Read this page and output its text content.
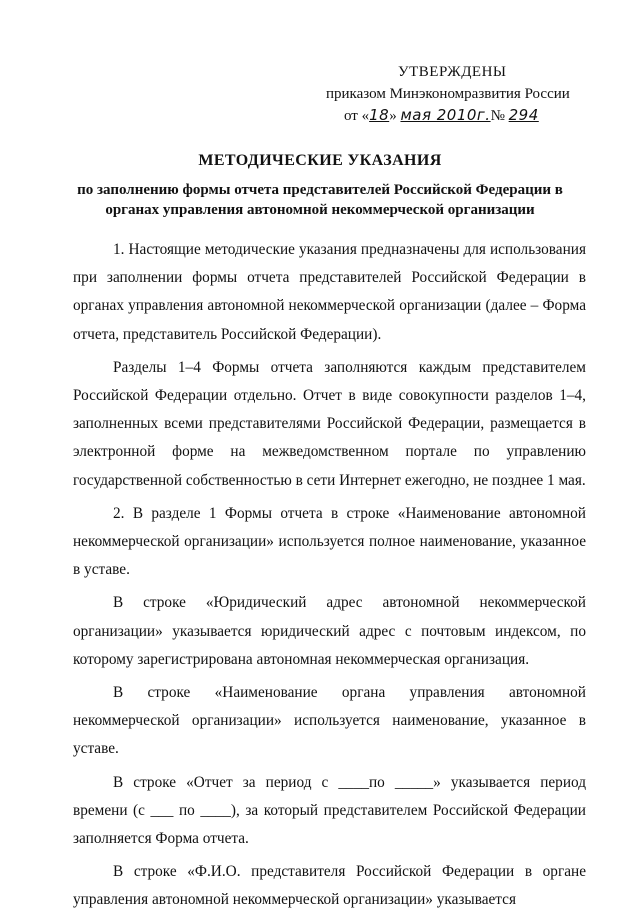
УТВЕРЖДЕНЫ
приказом Минэкономразвития России
от «18» мая 2010г.№ 294
МЕТОДИЧЕСКИЕ УКАЗАНИЯ
по заполнению формы отчета представителей Российской Федерации в органах управления автономной некоммерческой организации

1. Настоящие методические указания предназначены для использования при заполнении формы отчета представителей Российской Федерации в органах управления автономной некоммерческой организации (далее – Форма отчета, представитель Российской Федерации).

Разделы 1–4 Формы отчета заполняются каждым представителем Российской Федерации отдельно. Отчет в виде совокупности разделов 1–4, заполненных всеми представителями Российской Федерации, размещается в электронной форме на межведомственном портале по управлению государственной собственностью в сети Интернет ежегодно, не позднее 1 мая.

2. В разделе 1 Формы отчета в строке «Наименование автономной некоммерческой организации» используется полное наименование, указанное в уставе.

В строке «Юридический адрес автономной некоммерческой организации» указывается юридический адрес с почтовым индексом, по которому зарегистрирована автономная некоммерческая организация.

В строке «Наименование органа управления автономной некоммерческой организации» используется наименование, указанное в уставе.

В строке «Отчет за период с ____по _____» указывается период времени (с ___ по ____), за который представителем Российской Федерации заполняется Форма отчета.

В строке «Ф.И.О. представителя Российской Федерации в органе управления автономной некоммерческой организации» указывается
